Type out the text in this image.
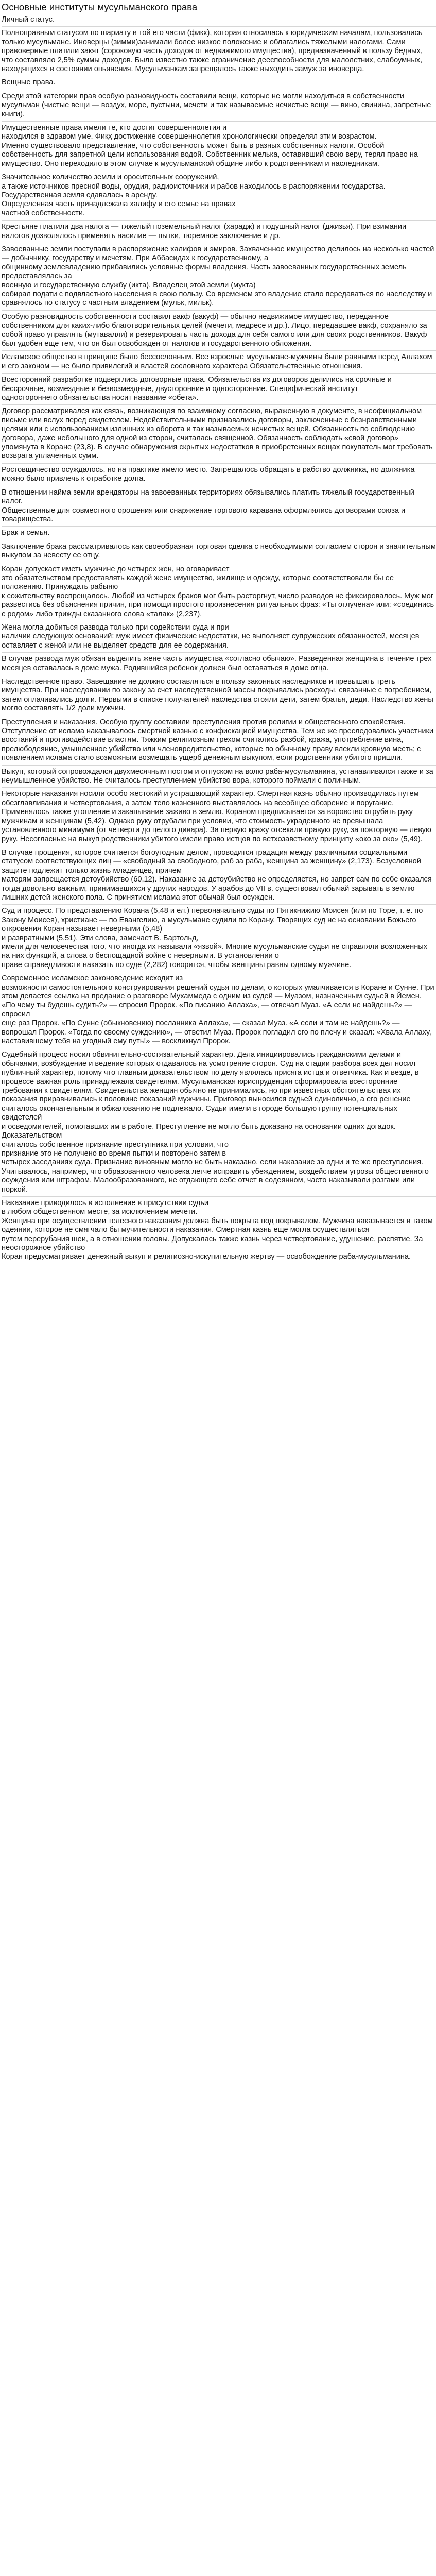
Основные институты мусульманского права

Личный статус.

Полноправным статусом по шариату в той его части (фикх), которая относилась к юридическим началам, пользовались только мусульмане. Иноверцы (зимми)занимали более низкое положение и облагались тяжелыми налогами. Сами правоверные платили закят (сороковую часть доходов от недвижимого имущества), предназначенный в пользу бедных, что составляло 2,5% суммы доходов. Было известно также ограничение дееспособности для малолетних, слабоумных, находящихся в состоянии опьянения. Мусульманкам запрещалось также выходить замуж за иноверца.

Вещные права.

Среди этой категории прав особую разновидность составили вещи, которые не могли находиться в собственности мусульман (чистые вещи — воздух, море, пустыни, мечети и так называемые нечистые вещи — вино, свинина, запретные книги).

Имущественные права имели те, кто достиг совершеннолетия и
находился в здравом уме. Фиқҳ достижение совершеннолетия хронологически определял этим возрастом.
Именно существовало представление, что собственность может быть в разных собственных налоги. Особой собственность для запретной цели использования водой. Собственник мелька, оставивший свою веру, терял право на имущество. Оно переходило в этом случае к мусульманской общине либо к родственникам и наследникам.

Значительное количество земли и оросительных сооружений,
а также источников пресной воды, орудия, радиоисточники и рабов находилось в распоряжении государства. Государственная земля сдавалась в аренду.
Определенная часть принадлежала халифу и его семье на правах
частной собственности.

Крестьяне платили два налога — тяжелый поземельный налог (харадж) и подушный налог (джизья). При взимании налогов дозволялось применять насилие — пытки, тюремное заключение и др.

Завоеванные земли поступали в распоряжение халифов и эмиров. Захваченное имущество делилось на несколько частей — добычнику, государству и мечетям. При Аббасидах к государственному, а
общинному землевладению прибавились условные формы владения. Часть завоеванных государственных земель предоставлялась за
военную и государственную службу (икта). Владелец этой земли (мукта)
собирал подати с подвластного населения в свою пользу. Со временем это владение стало передаваться по наследству и сравнялось по статусу с частным владением (мульк, мильк).

Особую разновидность собственности составил вакф (вакуф) — обычно недвижимое имущество, переданное собственником для каких-либо благотворительных целей (мечети, медресе и др.). Лицо, передавшее вакф, сохраняло за собой право управлять (мутавалли) и резервировать часть дохода для себя самого или для своих родственников. Вакуф был удобен еще тем, что он был освобожден от налогов и государственного обложения.

Исламское общество в принципе было бессословным. Все взрослые мусульмане-мужчины были равными перед Аллахом и его законом — не было привилегий и властей сословного характера Обязательственные отношения.

Всесторонний разработке подверглись договорные права. Обязательства из договоров делились на срочные и бессрочные, возмездные и безвозмездные, двусторонние и односторонние. Специфический институт
одностороннего обязательства носит название «обета».

Договор рассматривался как связь, возникающая по взаимному согласию, выраженную в документе, в неофициальном письме или вслух перед свидетелем. Недействительными признавались договоры, заключенные с безнравственными целями или с использованием излишних из оборота и так называемых нечистых вещей. Обязанность по соблюдению договора, даже небольшого для одной из сторон, считалась священной. Обязанность соблюдать «свой договор» упомянута в Коране (23,8). В случае обнаружения скрытых недостатков в приобретенных вещах покупатель мог требовать возврата уплаченных сумм.

Ростовщичество осуждалось, но на практике имело место. Запрещалось обращать в рабство должника, но должника можно было привлечь к отработке долга.

В отношении найма земли арендаторы на завоеванных территориях обязывались платить тяжелый государственный налог.
Общественные для совместного орошения или снаряжение торгового каравана оформлялись договорами союза и товарищества.

Брак и семья.

Заключение брака рассматривалось как своеобразная торговая сделка с необходимыми согласием сторон и значительным выкупом за невесту ее отцу.

Коран допускает иметь мужчине до четырех жен, но оговаривает
это обязательством предоставлять каждой жене имущество, жилище и одежду, которые соответствовали бы ее положению. Принуждать рабыню
к сожительству воспрещалось. Любой из четырех браков мог быть расторгнут, число разводов не фиксировалось. Муж мог развестись без объяснения причин, при помощи простого произнесения ритуальных фраз: «Ты отлучена» или: «соединись с родом» либо трижды сказанного слова «талак» (2,237).

Жена могла добиться развода только при содействии суда и при
наличии следующих оснований: муж имеет физические недостатки, не выполняет супружеских обязанностей, месяцев оставляет с женой или не выделяет средств для ее содержания.

В случае развода муж обязан выделить жене часть имущества «согласно обычаю». Разведенная женщина в течение трех месяцев оставалась в доме мужа. Родившийся ребенок должен был оставаться в доме отца.

Наследственное право. Завещание не должно составляться в пользу законных наследников и превышать треть имущества. При наследовании по закону за счет наследственной массы покрывались расходы, связанные с погребением, затем оплачивались долги. Первыми в списке получателей наследства стояли дети, затем братья, деди. Наследство жены могло составлять 1/2 доли мужчин.

Преступления и наказания. Особую группу составили преступления против религии и общественного спокойствия. Отступление от ислама наказывалось смертной казнью с конфискацией имущества. Тем же же преследовались участники восстаний и противодействие властям. Тяжким религиозным грехом считались разбой, кража, употребление вина, прелюбодеяние, умышленное убийство или членовредительство, которые по обычному праву влекли кровную месть; с появлением ислама стало возможным возмещать ущерб денежным выкупом, если родственники убитого пришли.

Выкуп, который сопровождался двухмесячным постом и отпуском на волю раба-мусульманина, устанавливался также и за неумышленное убийство. Не считалось преступлением убийство вора, которого поймали с поличным.

Некоторые наказания носили особо жестокий и устрашающий характер. Смертная казнь обычно производилась путем обезглавливания и четвертования, а затем тело казненного выставлялось на всеобщее обозрение и поругание. Применялось также утопление и закапывание заживо в землю. Кораном предписывается за воровство отрубать руку мужчинам и женщинам (5,42). Однако руку отрубали при условии, что стоимость украденного не превышала установленного минимума (от четверти до целого динара). За первую кражу отсекали правую руку, за повторную — левую руку. Несогласные на выкуп родственники убитого имели право истцов по ветхозаветному принципу «око за око» (5,49).

В случае прощения, которое считается богоугодным делом, проводится градация между различными социальными статусом соответствующих лиц — «свободный за свободного, раб за раба, женщина за женщину» (2,173). Безусловной защите подлежит только жизнь младенцев, причем
матерям запрещается детоубийство (60,12). Наказание за детоубийство не определяется, но запрет сам по себе оказался тогда довольно важным, принимавшихся у других народов. У арабов до VII в. существовал обычай зарывать в землю лишних детей женского пола. С принятием ислама этот обычай был осужден.

Суд и процесс. По представлению Корана (5,48 и ел.) первоначально суды по Пятикнижию Моисея (или по Торе, т. е. по Закону Моисея), христиане — по Евангелию, а мусульмане судили по Корану. Творящих суд не на основании Божьего откровения Коран называет неверными (5,48)
и развратными (5,51). Эти слова, замечает В. Бартольд,
имели для человечества того, что иногда их называли «язвой». Многие мусульманские судьи не справляли возложенных на них функций, а слова о беспощадной войне с неверными. В установлении о
праве справедливости наказать по суде (2,282) говорится, чтобы женщины равны одному мужчине.

Современное исламское законоведение исходит из
возможности самостоятельного конструирования решений судья по делам, о которых умалчивается в Коране и Сунне. При этом делается ссылка на предание о разговоре Мухаммеда с одним из судей — Муазом, назначенным судьей в Йемен. «По чему ты будешь судить?» — спросил Пророк. «По писанию Аллаха», — отвечал Муаз. «А если не найдешь?» — спросил
еще раз Пророк. «По Сунне (обыкновению) посланника Аллаха», — сказал Муаз. «А если и там не найдешь?» — вопрошал Пророк. «Тогда по своему суждению», — ответил Муаз. Пророк погладил его по плечу и сказал: «Хвала Аллаху, наставившему тебя на угодный ему путь!» — воскликнул Пророк.

Судебный процесс носил обвинительно-состязательный характер. Дела инициировались гражданскими делами и обычаями, возбуждение и ведение которых отдавалось на усмотрение сторон. Суд на стадии разбора всех дел носил публичный характер, потому что главным доказательством по делу являлась присяга истца и ответчика. Как и везде, в процессе важная роль принадлежала свидетелям. Мусульманская юриспруденция сформировала всесторонние требования к свидетелям. Свидетельства женщин обычно не принимались, но при известных обстоятельствах их показания приравнивались к половине показаний мужчины. Приговор выносился судьей единолично, а его решение считалось окончательным и обжалованию не подлежало. Судьи имели в городе большую группу потенциальных свидетелей
и осведомителей, помогавших им в работе. Преступление не могло быть доказано на основании одних догадок. Доказательством
считалось собственное признание преступника при условии, что
признание это не получено во время пытки и повторено затем в
четырех заседаниях суда. Признание виновным могло не быть наказано, если наказание за одни и те же преступления. Учитывалось, например, что образованного человека легче исправить убеждением, воздействием угрозы общественного осуждения или штрафом. Малообразованного, не отдающего себе отчет в содеянном, часто наказывали розгами или поркой.

Наказание приводилось в исполнение в присутствии судьи
в любом общественном месте, за исключением мечети.
Женщина при осуществлении телесного наказания должна быть покрыта под покрывалом. Мужчина наказывается в таком одеянии, которое не смягчало бы мучительности наказания. Смертная казнь еще могла осуществляться
путем перерубания шеи, а в отношении головы. Допускалась также казнь через четвертование, удушение, распятие. За неосторожное убийство
Коран предусматривает денежный выкуп и религиозно-искупительную жертву — освобождение раба-мусульманина.
